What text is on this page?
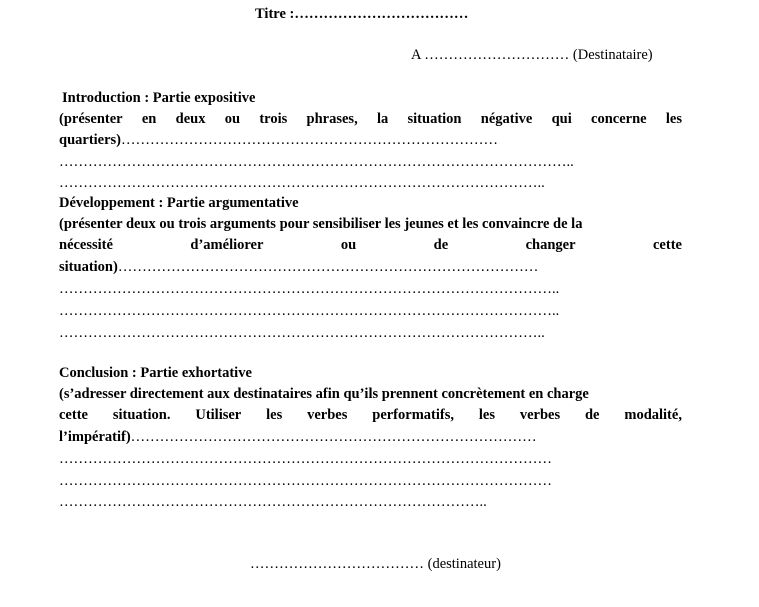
Titre :………………………………
A ………………………… (Destinataire)
Introduction : Partie expositive
(présenter en deux ou trois phrases, la situation négative qui concerne les
quartiers)……………………………………………………………………
……………………………………………………………………………………………..
………………………………………………………………………………………..
Développement : Partie argumentative
(présenter deux ou trois arguments pour sensibiliser les jeunes et les convaincre de la
nécessité	d’améliorer	ou	de	changer	cette
situation)……………………………………………………………………………
…………………………………………………………………………………………..
…………………………………………………………………………………………..
………………………………………………………………………………………..
Conclusion : Partie exhortative
(s’adresser directement aux destinataires afin qu’ils prennent concrètement en charge
cette situation. Utiliser les verbes performatifs, les verbes de modalité,
l’impératif)…………………………………………………………………………
…………………………………………………………………………………………
…………………………………………………………………………………………
……………………………………………………………………………..
……………………………… (destinateur)
